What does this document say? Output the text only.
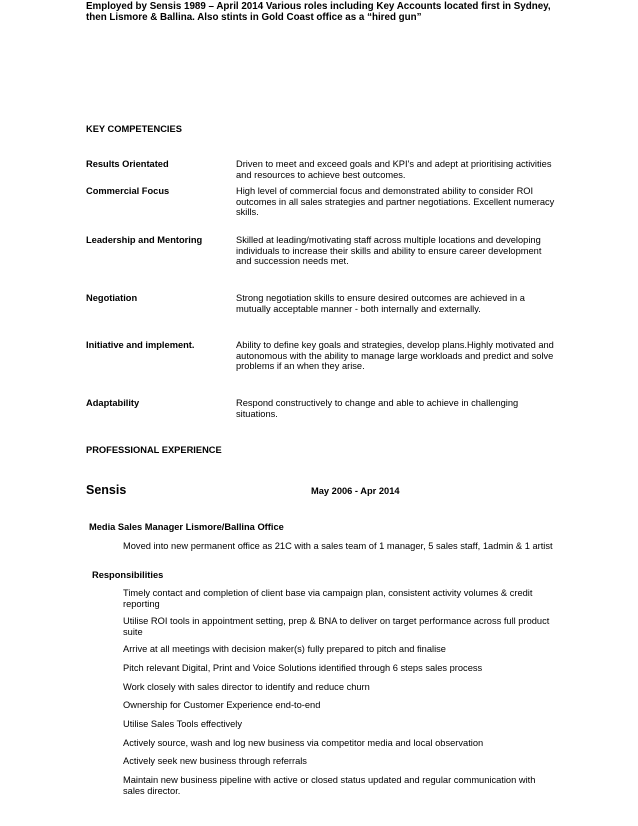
Employed by Sensis 1989 – April 2014 Various roles including Key Accounts located first in Sydney, then Lismore & Ballina. Also stints in Gold Coast office as a “hired gun”
KEY COMPETENCIES
Results Orientated	Driven to meet and exceed goals and KPI's and adept at prioritising activities and resources to achieve best outcomes.
Commercial Focus	High level of commercial focus and demonstrated ability to consider ROI outcomes in all sales strategies and partner negotiations. Excellent numeracy skills.
Leadership and Mentoring	Skilled at leading/motivating staff across multiple locations and developing individuals to increase their skills and ability to ensure career development and succession needs met.
Negotiation	Strong negotiation skills to ensure desired outcomes are achieved in a mutually acceptable manner - both internally and externally.
Initiative and implement.	Ability to define key goals and strategies, develop plans.Highly motivated and autonomous with the ability to manage large workloads and predict and solve problems if an when they arise.
Adaptability	Respond constructively to change and able to achieve in challenging situations.
PROFESSIONAL EXPERIENCE
Sensis	May 2006 - Apr 2014
Media Sales Manager Lismore/Ballina Office
Moved into new permanent office as 21C with a sales team of 1 manager, 5 sales staff, 1admin & 1 artist
Responsibilities
Timely contact and completion of client base via campaign plan, consistent activity volumes & credit reporting
Utilise ROI tools in appointment setting, prep & BNA to deliver on target performance across full product suite
Arrive at all meetings with decision maker(s) fully prepared to pitch and finalise
Pitch relevant Digital, Print and Voice Solutions identified through 6 steps sales process
Work closely with sales director to identify and reduce churn
Ownership for Customer Experience end-to-end
Utilise Sales Tools effectively
Actively source, wash and log new business via competitor media and local observation
Actively seek new business through referrals
Maintain new business pipeline with active or closed status updated and regular communication with sales director.
